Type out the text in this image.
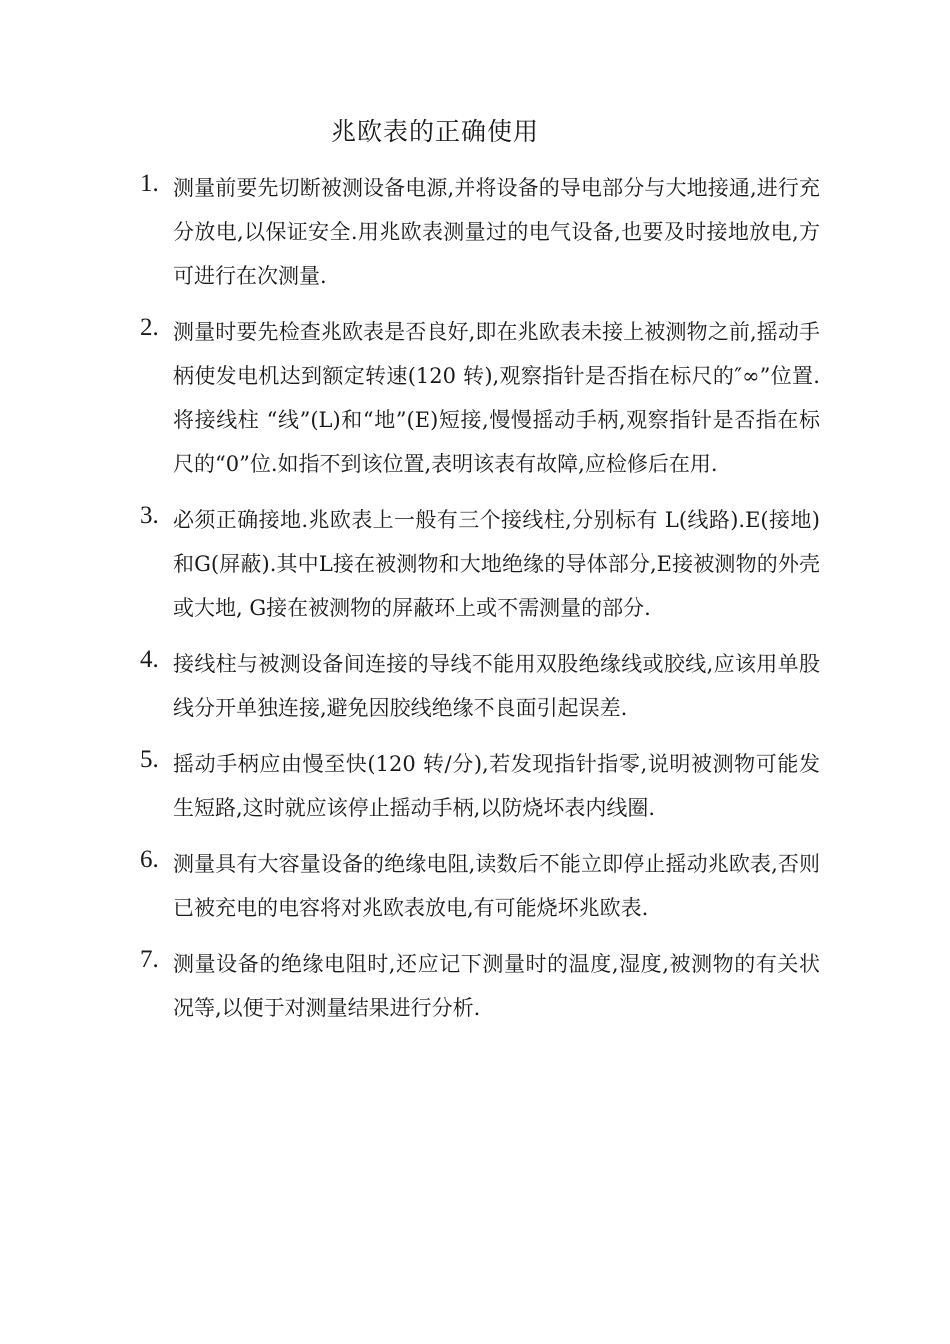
兆欧表的正确使用
1. 测量前要先切断被测设备电源,并将设备的导电部分与大地接通,进行充分放电,以保证安全.用兆欧表测量过的电气设备,也要及时接地放电,方可进行在次测量.
2. 测量时要先检查兆欧表是否良好,即在兆欧表未接上被测物之前,摇动手柄使发电机达到额定转速(120 转),观察指针是否指在标尺的″∞”位置.将接线柱 “线”(L)和“地”(E)短接,慢慢摇动手柄,观察指针是否指在标尺的“0”位.如指不到该位置,表明该表有故障,应检修后在用.
3. 必须正确接地.兆欧表上一般有三个接线柱,分别标有 L(线路).E(接地) 和G(屏蔽).其中L接在被测物和大地绝缘的导体部分,E接被测物的外壳或大地, G接在被测物的屏蔽环上或不需测量的部分.
4. 接线柱与被测设备间连接的导线不能用双股绝缘线或胶线,应该用单股线分开单独连接,避免因胶线绝缘不良面引起误差.
5. 摇动手柄应由慢至快(120 转/分),若发现指针指零,说明被测物可能发生短路,这时就应该停止摇动手柄,以防烧坏表内线圈.
6. 测量具有大容量设备的绝缘电阻,读数后不能立即停止摇动兆欧表,否则已被充电的电容将对兆欧表放电,有可能烧坏兆欧表.
7. 测量设备的绝缘电阻时,还应记下测量时的温度,湿度,被测物的有关状况等,以便于对测量结果进行分析.
